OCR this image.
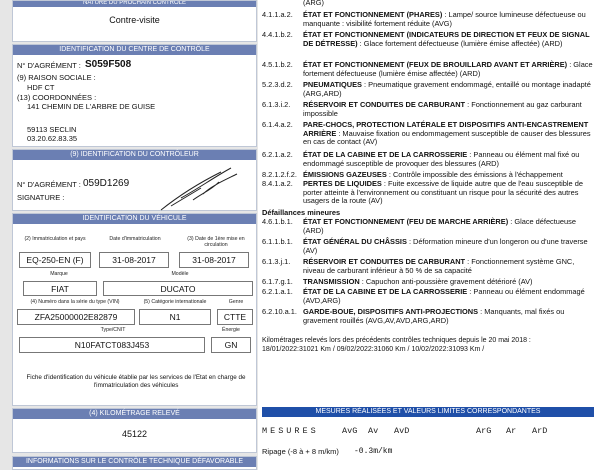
NATURE DU PROCHAIN CONTRÔLE
Contre-visite
IDENTIFICATION DU CENTRE DE CONTRÔLE
N° D'AGRÉMENT : S059F508
(9) RAISON SOCIALE :
HDF CT
(13) COORDONNÉES :
141 CHEMIN DE L'ARBRE DE GUISE
59113 SECLIN
03.20.62.83.35
(9) IDENTIFICATION DU CONTRÔLEUR
N° D'AGRÉMENT : 059D1269
SIGNATURE :
IDENTIFICATION DU VÉHICULE
(2) Immatriculation et pays	Date d'immatriculation	(3) Date de 1ère mise en circulation
EQ-250-EN (F)	31-08-2017	31-08-2017
Marque	Modèle
FIAT	DUCATO
(4) Numéro dans la série du type (VIN)	(5) Catégorie internationale	Genre
ZFA25000002E82879	N1	CTTE
Type/CNIT	Énergie
N10FATCT083J453	GN
Fiche d'identification du véhicule établie par les services de l'Etat en charge de l'immatriculation des véhicules
(4) KILOMÉTRAGE RELEVÉ
45122
INFORMATIONS SUR LE CONTRÔLE TECHNIQUE DÉFAVORABLE
(ARG)
4.1.1.a.2.	ÉTAT ET FONCTIONNEMENT (PHARES) : Lampe/ source lumineuse défectueuse ou manquante : visibilité fortement réduite (AVG)
4.4.1.b.2.	ÉTAT ET FONCTIONNEMENT (INDICATEURS DE DIRECTION ET FEUX DE SIGNAL DE DÉTRESSE) : Glace fortement défectueuse (lumière émise affectée) (ARD)
4.5.1.b.2.	ÉTAT ET FONCTIONNEMENT (FEUX DE BROUILLARD AVANT ET ARRIÈRE) : Glace fortement défectueuse (lumière émise affectée) (ARD)
5.2.3.d.2.	PNEUMATIQUES : Pneumatique gravement endommagé, entaillé ou montage inadapté (ARG,ARD)
6.1.3.i.2.	RÉSERVOIR ET CONDUITES DE CARBURANT : Fonctionnement au gaz carburant impossible
6.1.4.a.2.	PARE-CHOCS, PROTECTION LATÉRALE ET DISPOSITIFS ANTI-ENCASTREMENT ARRIÈRE : Mauvaise fixation ou endommagement susceptible de causer des blessures en cas de contact (AV)
6.2.1.a.2.	ÉTAT DE LA CABINE ET DE LA CARROSSERIE : Panneau ou élément mal fixé ou endommagé susceptible de provoquer des blessures (ARD)
8.2.1.2.f.2. ÉMISSIONS GAZEUSES : Contrôle impossible des émissions à l'échappement
8.4.1.a.2.	PERTES DE LIQUIDES : Fuite excessive de liquide autre que de l'eau susceptible de porter atteinte à l'environnement ou constituant un risque pour la sécurité des autres usagers de la route (AV)
Défaillances mineures
4.6.1.b.1.	ÉTAT ET FONCTIONNEMENT (FEU DE MARCHE ARRIÈRE) : Glace défectueuse (ARD)
6.1.1.b.1.	ÉTAT GÉNÉRAL DU CHÂSSIS : Déformation mineure d'un longeron ou d'une traverse (AV)
6.1.3.j.1.	RÉSERVOIR ET CONDUITES DE CARBURANT : Fonctionnement système GNC, niveau de carburant inférieur à 50 % de sa capacité
6.1.7.g.1.	TRANSMISSION : Capuchon anti-poussière gravement détérioré (AV)
6.2.1.a.1.	ÉTAT DE LA CABINE ET DE LA CARROSSERIE : Panneau ou élément endommagé (AVD,ARG)
6.2.10.a.1. GARDE-BOUE, DISPOSITIFS ANTI-PROJECTIONS : Manquants, mal fixés ou gravement rouillés (AVG,AV,AVD,ARG,ARD)
Kilométrages relevés lors des précédents contrôles techniques depuis le 20 mai 2018 :
18/01/2022:31021 Km / 09/02/2022:31060 Km / 10/02/2022:31093 Km /
MESURES RÉALISÉES ET VALEURS LIMITES CORRESPONDANTES
MESURES	AvG Av AvD	ArG Ar ArD
Ripage (-8 à + 8 m/km) -0.3m/km
